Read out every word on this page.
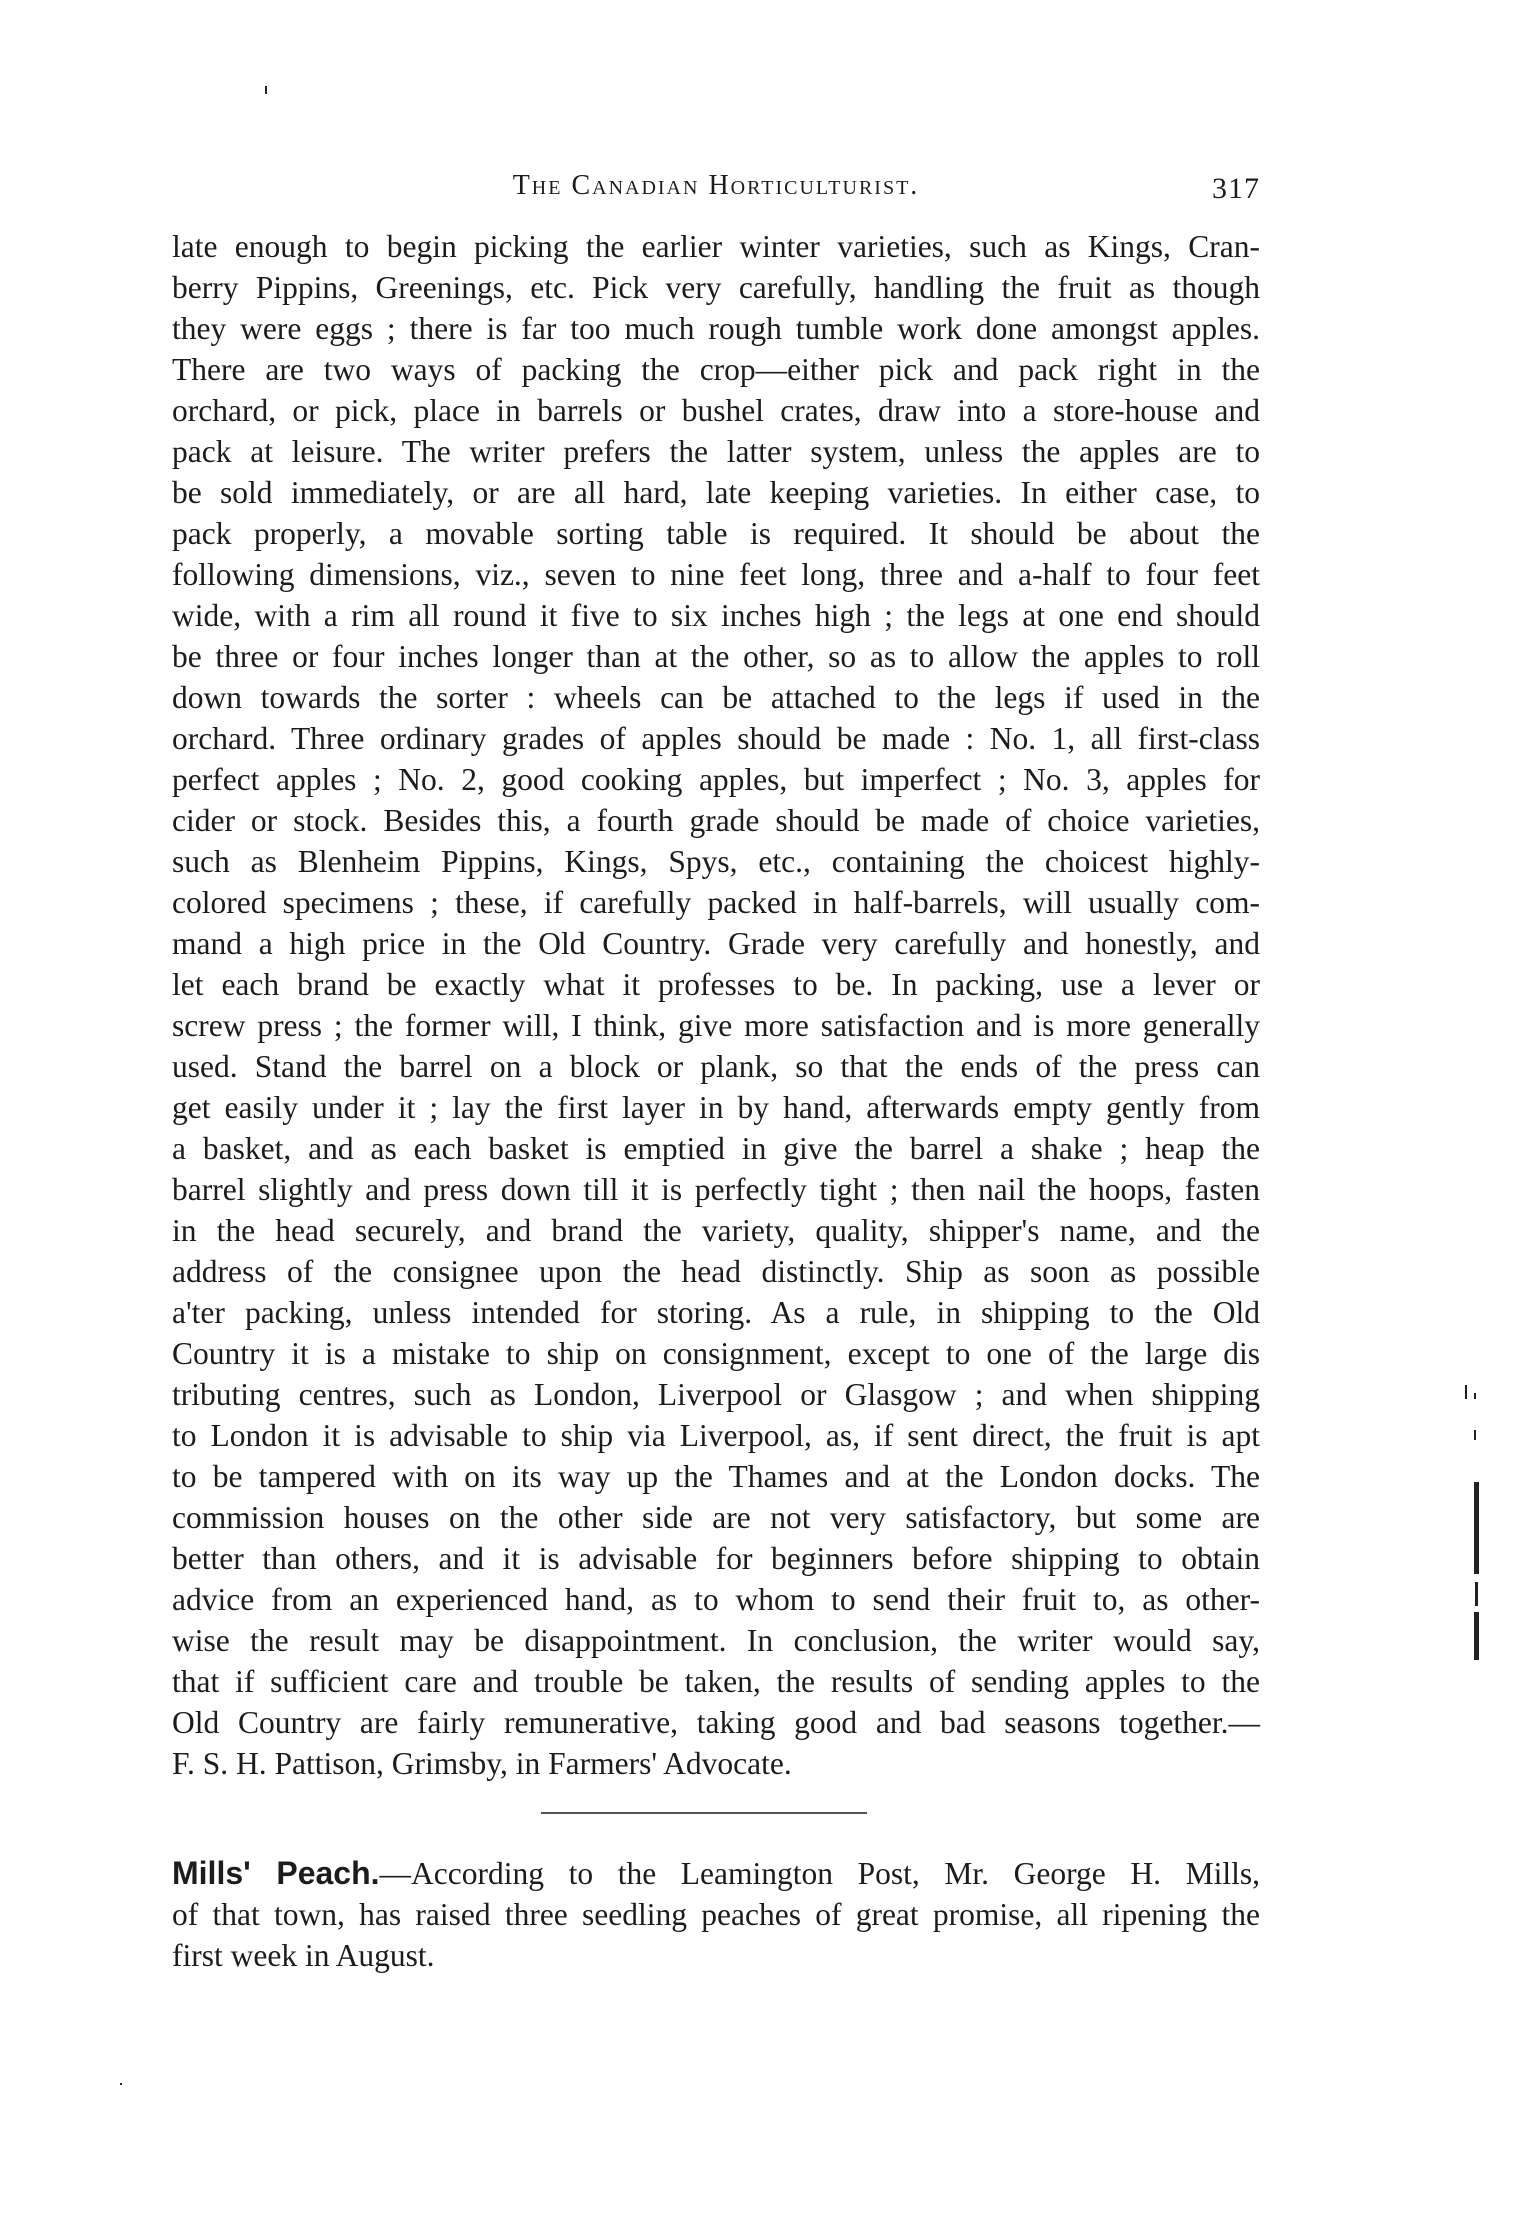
The Canadian Horticulturist.	317
late enough to begin picking the earlier winter varieties, such as Kings, Cran-
berry Pippins, Greenings, etc. Pick very carefully, handling the fruit as though
they were eggs ; there is far too much rough tumble work done amongst apples.
There are two ways of packing the crop—either pick and pack right in the
orchard, or pick, place in barrels or bushel crates, draw into a store-house and
pack at leisure. The writer prefers the latter system, unless the apples are to
be sold immediately, or are all hard, late keeping varieties. In either case, to
pack properly, a movable sorting table is required. It should be about the
following dimensions, viz., seven to nine feet long, three and a-half to four feet
wide, with a rim all round it five to six inches high ; the legs at one end should
be three or four inches longer than at the other, so as to allow the apples to roll
down towards the sorter : wheels can be attached to the legs if used in the
orchard. Three ordinary grades of apples should be made : No. 1, all first-class
perfect apples ; No. 2, good cooking apples, but imperfect ; No. 3, apples for
cider or stock. Besides this, a fourth grade should be made of choice varieties,
such as Blenheim Pippins, Kings, Spys, etc., containing the choicest highly-
colored specimens ; these, if carefully packed in half-barrels, will usually com-
mand a high price in the Old Country. Grade very carefully and honestly, and
let each brand be exactly what it professes to be. In packing, use a lever or
screw press ; the former will, I think, give more satisfaction and is more generally
used. Stand the barrel on a block or plank, so that the ends of the press can
get easily under it ; lay the first layer in by hand, afterwards empty gently from
a basket, and as each basket is emptied in give the barrel a shake ; heap the
barrel slightly and press down till it is perfectly tight ; then nail the hoops, fasten
in the head securely, and brand the variety, quality, shipper's name, and the
address of the consignee upon the head distinctly. Ship as soon as possible
a'ter packing, unless intended for storing. As a rule, in shipping to the Old
Country it is a mistake to ship on consignment, except to one of the large dis
tributing centres, such as London, Liverpool or Glasgow ; and when shipping
to London it is advisable to ship via Liverpool, as, if sent direct, the fruit is apt
to be tampered with on its way up the Thames and at the London docks. The
commission houses on the other side are not very satisfactory, but some are
better than others, and it is advisable for beginners before shipping to obtain
advice from an experienced hand, as to whom to send their fruit to, as other-
wise the result may be disappointment. In conclusion, the writer would say,
that if sufficient care and trouble be taken, the results of sending apples to the
Old Country are fairly remunerative, taking good and bad seasons together.—
F. S. H. Pattison, Grimsby, in Farmers' Advocate.
Mills' Peach.—According to the Leamington Post, Mr. George H. Mills,
of that town, has raised three seedling peaches of great promise, all ripening the
first week in August.
